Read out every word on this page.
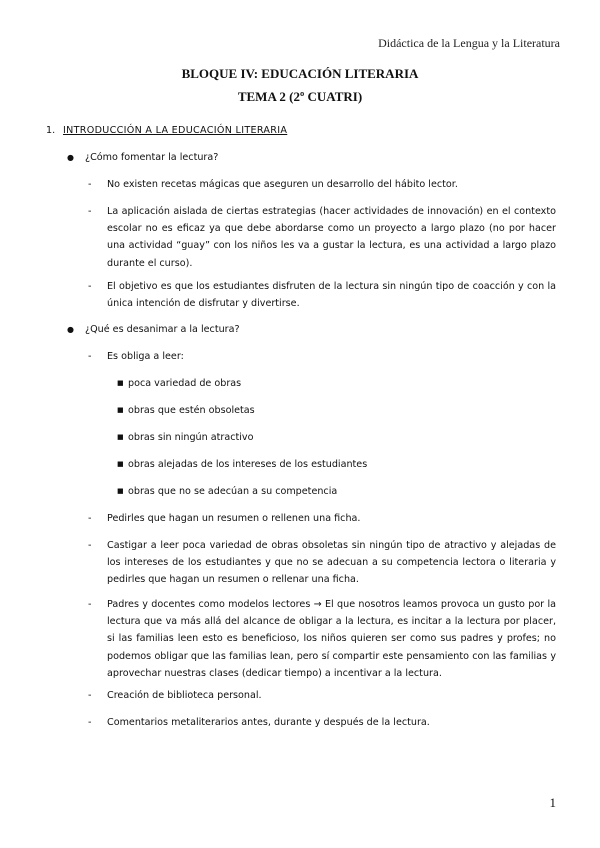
Didáctica de la Lengua y la Literatura
BLOQUE IV: EDUCACIÓN LITERARIA
TEMA 2 (2º CUATRI)
1. INTRODUCCIÓN A LA EDUCACIÓN LITERARIA
● ¿Cómo fomentar la lectura?
- No existen recetas mágicas que aseguren un desarrollo del hábito lector.
- La aplicación aislada de ciertas estrategias (hacer actividades de innovación) en el contexto escolar no es eficaz ya que debe abordarse como un proyecto a largo plazo (no por hacer una actividad “guay” con los niños les va a gustar la lectura, es una actividad a largo plazo durante el curso).
- El objetivo es que los estudiantes disfruten de la lectura sin ningún tipo de coacción y con la única intención de disfrutar y divertirse.
● ¿Qué es desanimar a la lectura?
- Es obliga a leer:
■ poca variedad de obras
■ obras que estén obsoletas
■ obras sin ningún atractivo
■ obras alejadas de los intereses de los estudiantes
■ obras que no se adecúan a su competencia
- Pedirles que hagan un resumen o rellenen una ficha.
- Castigar a leer poca variedad de obras obsoletas sin ningún tipo de atractivo y alejadas de los intereses de los estudiantes y que no se adecuan a su competencia lectora o literaria y pedirles que hagan un resumen o rellenar una ficha.
- Padres y docentes como modelos lectores → El que nosotros leamos provoca un gusto por la lectura que va más allá del alcance de obligar a la lectura, es incitar a la lectura por placer, si las familias leen esto es beneficioso, los niños quieren ser como sus padres y profes; no podemos obligar que las familias lean, pero sí compartir este pensamiento con las familias y aprovechar nuestras clases (dedicar tiempo) a incentivar a la lectura.
- Creación de biblioteca personal.
- Comentarios metaliterarios antes, durante y después de la lectura.
1
